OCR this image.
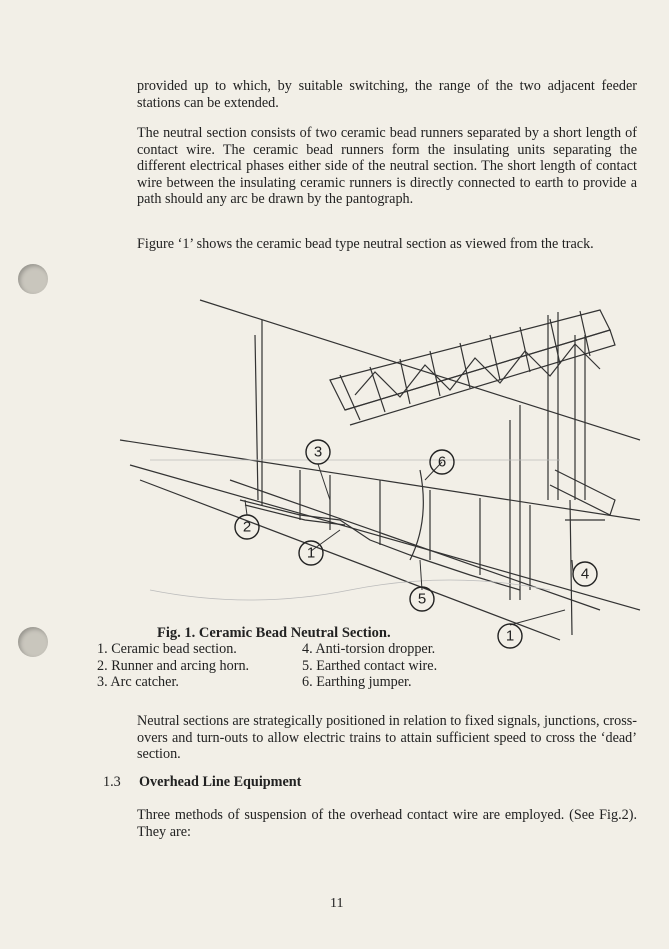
provided up to which, by suitable switching, the range of the two adjacent feeder stations can be extended.

The neutral section consists of two ceramic bead runners separated by a short length of contact wire. The ceramic bead runners form the insulating units separating the different electrical phases either side of the neutral section. The short length of contact wire between the insulating ceramic runners is directly connected to earth to provide a path should any arc be drawn by the pantograph.

Figure ‘1’ shows the ceramic bead type neutral section as viewed from the track.

3
6
2
1
4
5
1
Fig. 1. Ceramic Bead Neutral Section.
1. Ceramic bead section.
2. Runner and arcing horn.
3. Arc catcher.
4. Anti-torsion dropper.
5. Earthed contact wire.
6. Earthing jumper.

Neutral sections are strategically positioned in relation to fixed signals, junctions, cross-overs and turn-outs to allow electric trains to attain sufficient speed to cross the ‘dead’ section.

1.3 Overhead Line Equipment

Three methods of suspension of the overhead contact wire are employed. (See Fig.2). They are:

11
